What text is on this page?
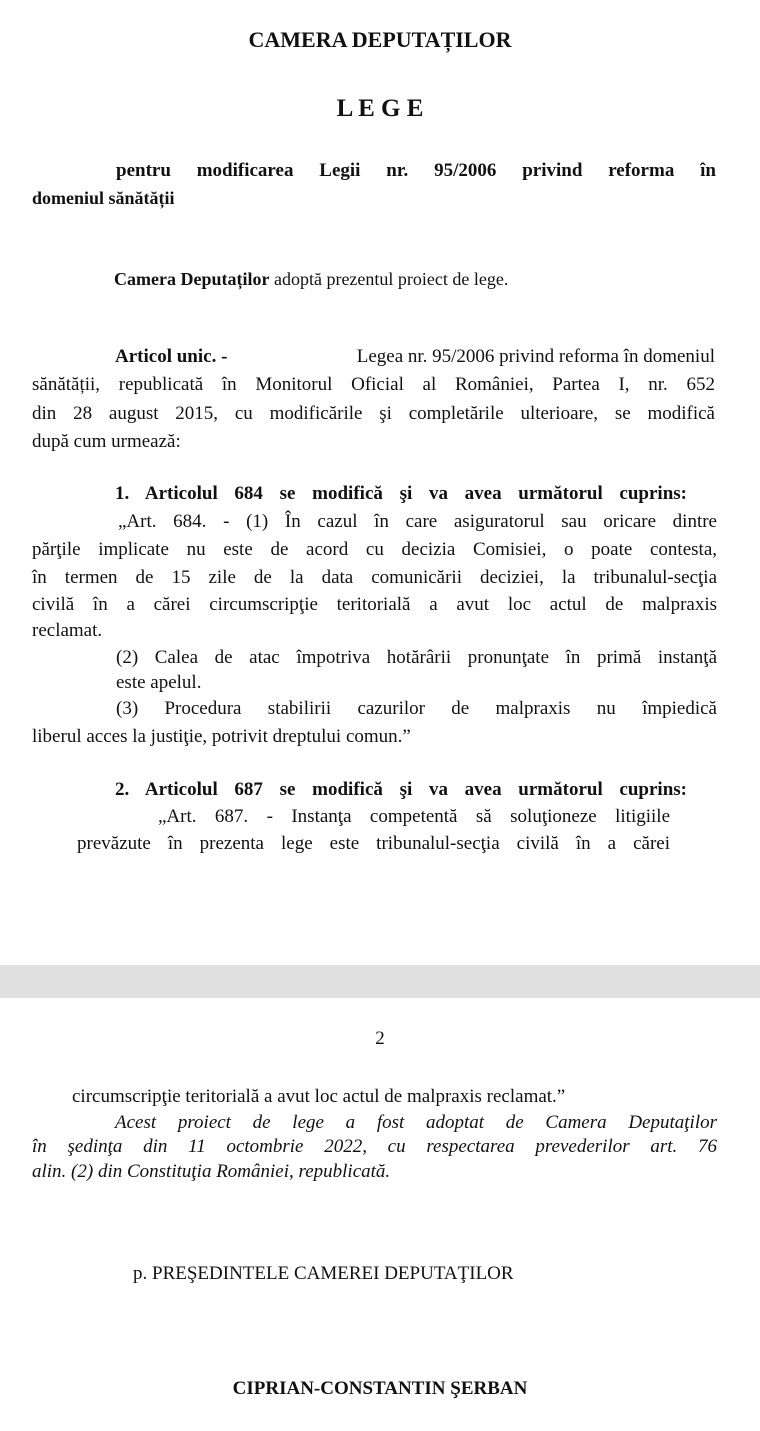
CAMERA DEPUTAȚILOR
L E G E
pentru modificarea Legii nr. 95/2006 privind reforma în
domeniul sănătății
Camera Deputaților adoptă prezentul proiect de lege.
Articol unic. -	Legea nr. 95/2006 privind reforma în domeniul
sănătății, republicată în Monitorul Oficial al României, Partea I, nr. 652
din 28 august 2015, cu modificările şi completările ulterioare, se modifică
după cum urmează:
1. Articolul 684 se modifică şi va avea următorul cuprins:
„Art. 684. - (1) În cazul în care asiguratorul sau oricare dintre
părţile implicate nu este de acord cu decizia Comisiei, o poate contesta,
în termen de 15 zile de la data comunicării deciziei, la tribunalul-secţia
civilă în a cărei circumscripţie teritorială a avut loc actul de malpraxis
reclamat.
(2) Calea de atac împotriva hotărârii pronunţate în primă instanţă
este apelul.
(3) Procedura stabilirii cazurilor de malpraxis nu împiedică
liberul acces la justiţie, potrivit dreptului comun.”
2. Articolul 687 se modifică şi va avea următorul cuprins:
„Art. 687. - Instanţa competentă să soluţioneze litigiile
prevăzute în prezenta lege este tribunalul-secţia civilă în a cărei
2
circumscripţie teritorială a avut loc actul de malpraxis reclamat.”
Acest proiect de lege a fost adoptat de Camera Deputaţilor
în şedinţa din 11 octombrie 2022, cu respectarea prevederilor art. 76
alin. (2) din Constituţia României, republicată.
p. PREŞEDINTELE CAMEREI DEPUTAŢILOR
CIPRIAN-CONSTANTIN ŞERBAN
